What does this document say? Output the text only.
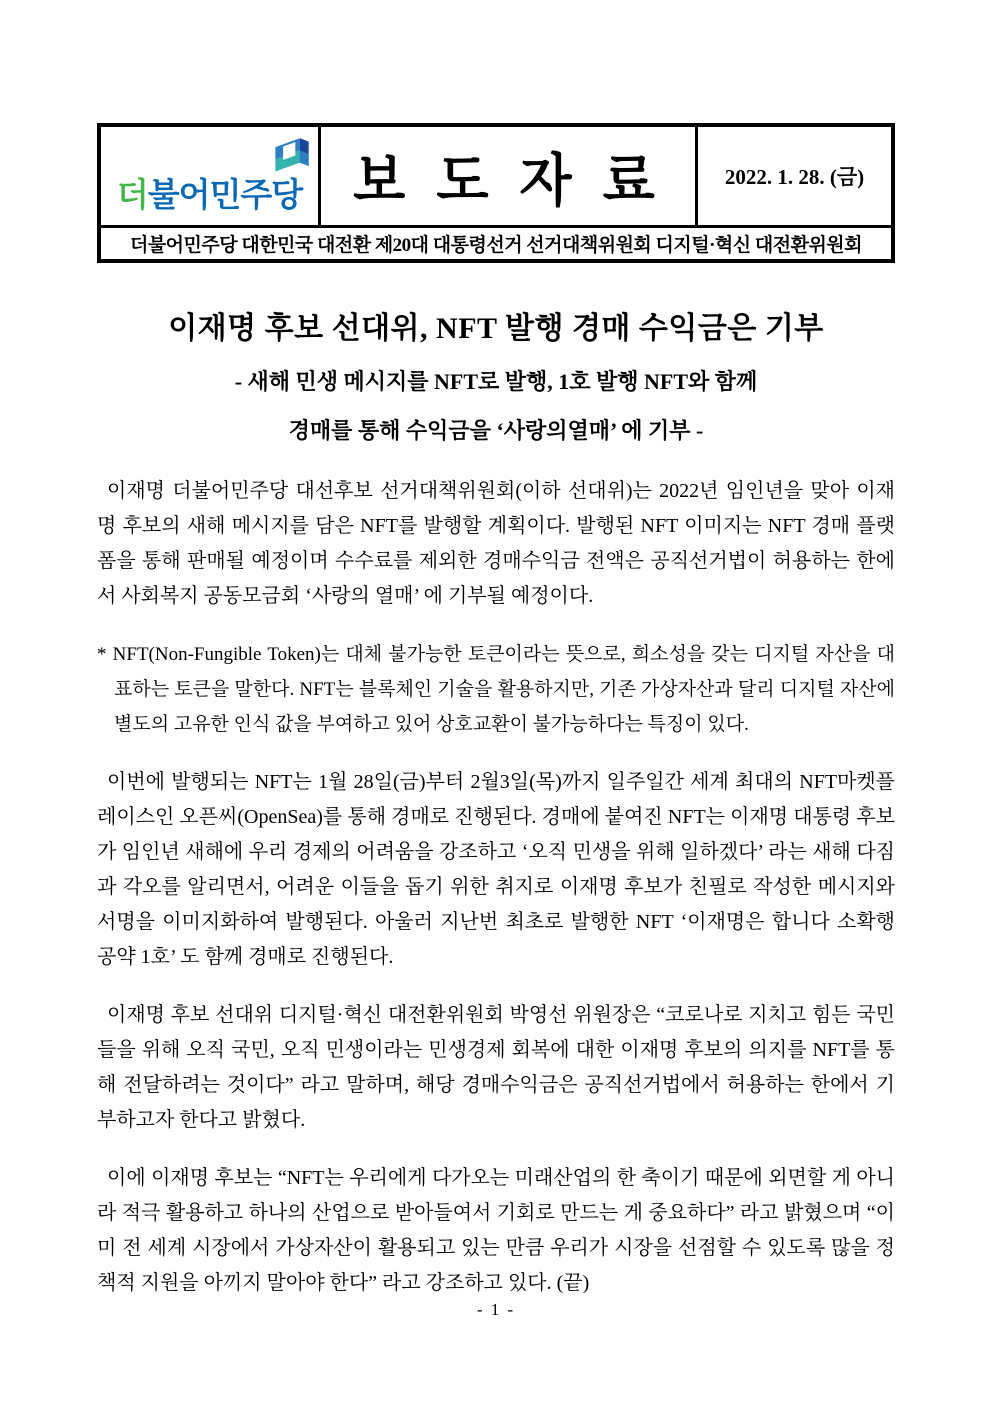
더불어민주당 보 도 자 료	2022. 1. 28. (금)
더불어민주당 대한민국 대전환 제20대 대통령선거 선거대책위원회 디지털·혁신 대전환위원회
이재명 후보 선대위, NFT 발행 경매 수익금은 기부
- 새해 민생 메시지를 NFT로 발행, 1호 발행 NFT와 함께
경매를 통해 수익금을 ‘사랑의열매’ 에 기부 -

이재명 더불어민주당 대선후보 선거대책위원회(이하 선대위)는 2022년 임인년을 맞아 이재명 후보의 새해 메시지를 담은 NFT를 발행할 계획이다. 발행된 NFT 이미지는 NFT 경매 플랫폼을 통해 판매될 예정이며 수수료를 제외한 경매수익금 전액은 공직선거법이 허용하는 한에서 사회복지 공동모금회 ‘사랑의 열매’ 에 기부될 예정이다.

* NFT(Non-Fungible Token)는 대체 불가능한 토큰이라는 뜻으로, 희소성을 갖는 디지털 자산을 대표하는 토큰을 말한다. NFT는 블록체인 기술을 활용하지만, 기존 가상자산과 달리 디지털 자산에 별도의 고유한 인식 값을 부여하고 있어 상호교환이 불가능하다는 특징이 있다.

이번에 발행되는 NFT는 1월 28일(금)부터 2월3일(목)까지 일주일간 세계 최대의 NFT마켓플레이스인 오픈씨(OpenSea)를 통해 경매로 진행된다. 경매에 붙여진 NFT는 이재명 대통령 후보가 임인년 새해에 우리 경제의 어려움을 강조하고 ‘오직 민생을 위해 일하겠다’ 라는 새해 다짐과 각오를 알리면서, 어려운 이들을 돕기 위한 취지로 이재명 후보가 친필로 작성한 메시지와 서명을 이미지화하여 발행된다. 아울러 지난번 최초로 발행한 NFT ‘이재명은 합니다 소확행 공약 1호’ 도 함께 경매로 진행된다.

이재명 후보 선대위 디지털·혁신 대전환위원회 박영선 위원장은 “코로나로 지치고 힘든 국민들을 위해 오직 국민, 오직 민생이라는 민생경제 회복에 대한 이재명 후보의 의지를 NFT를 통해 전달하려는 것이다” 라고 말하며, 해당 경매수익금은 공직선거법에서 허용하는 한에서 기부하고자 한다고 밝혔다.

이에 이재명 후보는 “NFT는 우리에게 다가오는 미래산업의 한 축이기 때문에 외면할 게 아니라 적극 활용하고 하나의 산업으로 받아들여서 기회로 만드는 게 중요하다” 라고 밝혔으며 “이미 전 세계 시장에서 가상자산이 활용되고 있는 만큼 우리가 시장을 선점할 수 있도록 많을 정책적 지원을 아끼지 말아야 한다” 라고 강조하고 있다. (끝)

- 1 -
